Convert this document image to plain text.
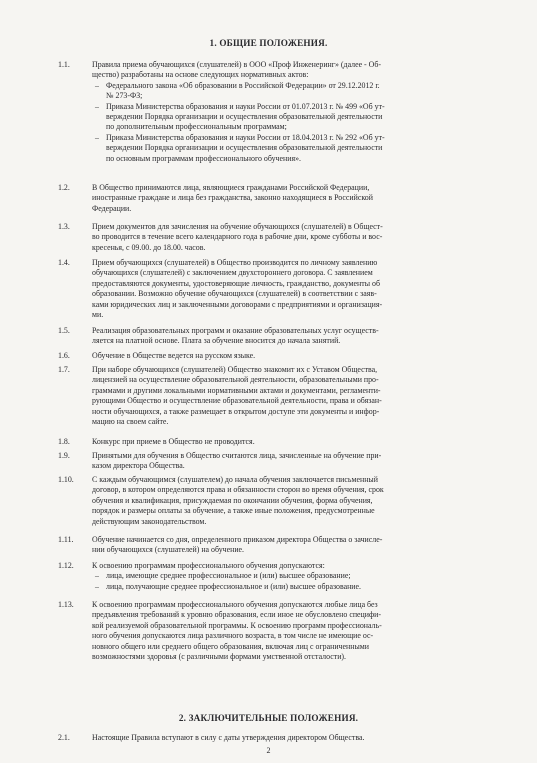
1. ОБЩИЕ ПОЛОЖЕНИЯ.
1.1.	Правила приема обучающихся (слушателей) в ООО «Проф Инженеринг» (далее - Об-
щество) разработаны на основе следующих нормативных актов:
– Федерального закона «Об образовании в Российской Федерации» от 29.12.2012 г.
№ 273-ФЗ;
– Приказа Министерства образования и науки России от 01.07.2013 г. № 499 «Об ут-
верждении Порядка организации и осуществления образовательной деятельности
по дополнительным профессиональным программам;
– Приказа Министерства образования и науки России от 18.04.2013 г. № 292 «Об ут-
верждении Порядка организации и осуществления образовательной деятельности
по основным программам профессионального обучения».
1.2.	В Общество принимаются лица, являющиеся гражданами Российской Федерации,
иностранные граждане и лица без гражданства, законно находящиеся в Российской
Федерации.
1.3.	Прием документов для зачисления на обучение обучающихся (слушателей) в Общест-
во проводится в течение всего календарного года в рабочие дни, кроме субботы и вос-
кресенья, с 09.00. до 18.00. часов.
1.4.	Прием обучающихся (слушателей) в Общество производится по личному заявлению
обучающихся (слушателей) с заключением двухстороннего договора. С заявлением
предоставляются документы, удостоверяющие личность, гражданство, документы об
образовании. Возможно обучение обучающихся (слушателей) в соответствии с заяв-
ками юридических лиц и заключенными договорами с предприятиями и организация-
ми.
1.5.	Реализация образовательных программ и оказание образовательных услуг осуществ-
ляется на платной основе. Плата за обучение вносится до начала занятий.
1.6.	Обучение в Обществе ведется на русском языке.
1.7.	При наборе обучающихся (слушателей) Общество знакомит их с Уставом Общества,
лицензией на осуществление образовательной деятельности, образовательными про-
граммами и другими локальными нормативными актами и документами, регламенти-
рующими Общество и осуществление образовательной деятельности, права и обязан-
ности обучающихся, а также размещает в открытом доступе эти документы и инфор-
мацию на своем сайте.
1.8.	Конкурс при приеме в Общество не проводится.
1.9.	Принятыми для обучения в Общество считаются лица, зачисленные на обучение при-
казом директора Общества.
1.10. С каждым обучающимся (слушателем) до начала обучения заключается письменный
договор, в котором определяются права и обязанности сторон во время обучения, срок
обучения и квалификация, присуждаемая по окончании обучения, форма обучения,
порядок и размеры оплаты за обучение, а также иные положения, предусмотренные
действующим законодательством.
1.11. Обучение начинается со дня, определенного приказом директора Общества о зачисле-
нии обучающихся (слушателей) на обучение.
1.12. К освоению программам профессионального обучения допускаются:
– лица, имеющие среднее профессиональное и (или) высшее образование;
– лица, получающие среднее профессиональное и (или) высшее образование.
1.13. К освоению программам профессионального обучения допускаются любые лица без
предъявления требований к уровню образования, если иное не обусловлено специфи-
кой реализуемой образовательной программы. К освоению программ профессиональ-
ного обучения допускаются лица различного возраста, в том числе не имеющие ос-
новного общего или среднего общего образования, включая лиц с ограниченными
возможностями здоровья (с различными формами умственной отсталости).
2. ЗАКЛЮЧИТЕЛЬНЫЕ ПОЛОЖЕНИЯ.
2.1.	Настоящие Правила вступают в силу с даты утверждения директором Общества.
2
